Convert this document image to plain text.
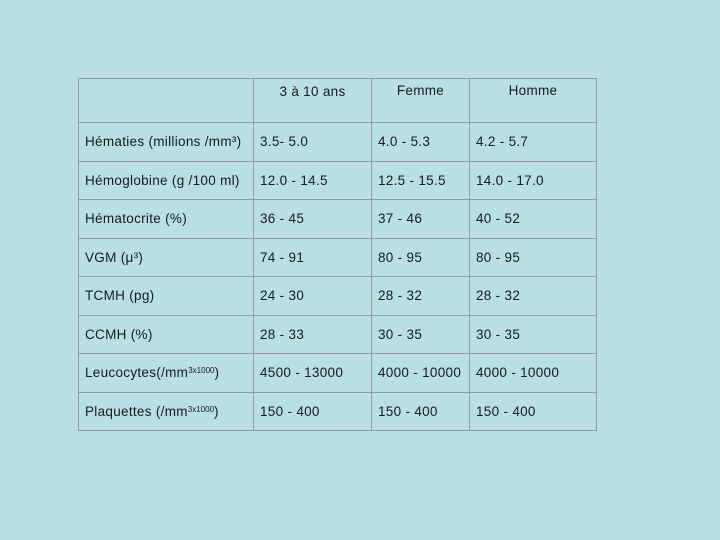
	3 à 10 ans	Femme	Homme
Hématies (millions /mm³)	3.5- 5.0	4.0 - 5.3	4.2 - 5.7
Hémoglobine (g /100 ml)	12.0 - 14.5	12.5 - 15.5	14.0 - 17.0
Hématocrite (%)	36 - 45	37 - 46	40 - 52
VGM (μ³)	74 - 91	80 - 95	80 - 95
TCMH (pg)	24 - 30	28 - 32	28 - 32
CCMH (%)	28 - 33	30 - 35	30 - 35
$Leucocytes(/mm^{3x1000})$	4500 - 13000	4000 - 10000	4000 - 10000
Plaquettes $(/mm^{3x1000})$	150 - 400	150 - 400	150 - 400
